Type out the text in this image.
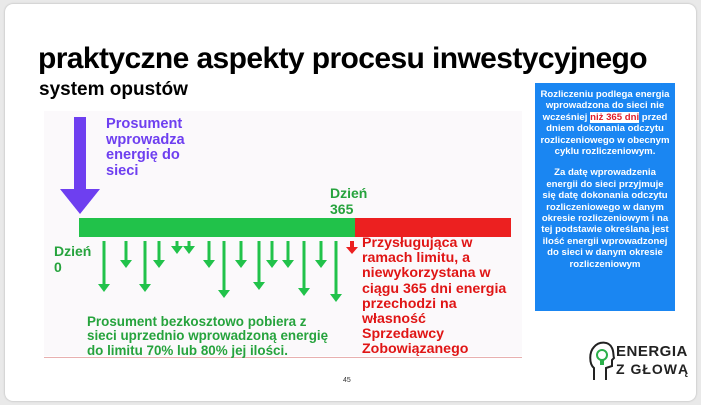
praktyczne aspekty procesu inwestycyjnego
system opustów
Prosument
wprowadza
energię do
sieci
Dzień
365
Dzień
0
Przysługująca w
ramach limitu, a
niewykorzystana w
ciągu 365 dni energia
przechodzi na
własność
Sprzedawcy
Zobowiązanego
Prosument bezkosztowo pobiera z
sieci uprzednio wprowadzoną energię
do limitu 70% lub 80% jej ilości.

Rozliczeniu podlega energia wprowadzona do sieci nie wcześniej niż 365 dni przed dniem dokonania odczytu rozliczeniowego w obecnym cyklu rozliczeniowym.

Za datę wprowadzenia energii do sieci przyjmuje się datę dokonania odczytu rozliczeniowego w danym okresie rozliczeniowym i na tej podstawie określana jest ilość energii wprowadzonej do sieci w danym okresie rozliczeniowym

45
ENERGIA
Z GŁOWĄ
